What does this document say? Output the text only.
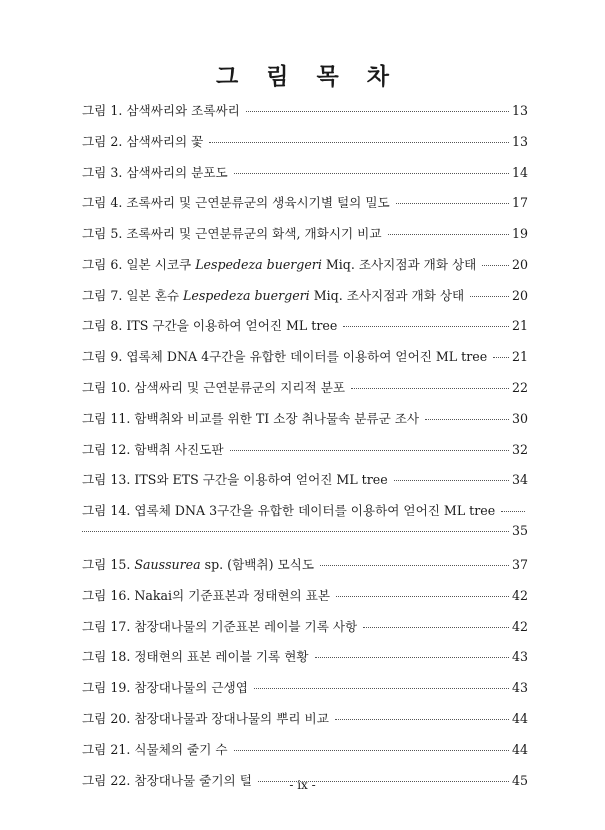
그 림 목 차
그림 1. 삼색싸리와 조록싸리	13
그림 2. 삼색싸리의 꽃	13
그림 3. 삼색싸리의 분포도	14
그림 4. 조록싸리 및 근연분류군의 생육시기별 털의 밀도	17
그림 5. 조록싸리 및 근연분류군의 화색, 개화시기 비교	19
그림 6. 일본 시코쿠 Lespedeza buergeri Miq. 조사지점과 개화 상태	20
그림 7. 일본 혼슈 Lespedeza buergeri Miq. 조사지점과 개화 상태	20
그림 8. ITS 구간을 이용하여 얻어진 ML tree	21
그림 9. 엽록체 DNA 4구간을 유합한 데이터를 이용하여 얻어진 ML tree 21
그림 10. 삼색싸리 및 근연분류군의 지리적 분포	22
그림 11. 함백취와 비교를 위한 TI 소장 취나물속 분류군 조사	30
그림 12. 함백취 사진도판	32
그림 13. ITS와 ETS 구간을 이용하여 얻어진 ML tree	34
그림 14. 엽록체 DNA 3구간을 유합한 데이터를 이용하여 얻어진 ML tree
35
그림 15. Saussurea sp. (함백취) 모식도	37
그림 16. Nakai의 기준표본과 정태현의 표본	42
그림 17. 참장대나물의 기준표본 레이블 기록 사항	42
그림 18. 정태현의 표본 레이블 기록 현황	43
그림 19. 참장대나물의 근생엽	43
그림 20. 참장대나물과 장대나물의 뿌리 비교	44
그림 21. 식물체의 줄기 수	44
그림 22. 참장대나물 줄기의 털	45
- ix -
